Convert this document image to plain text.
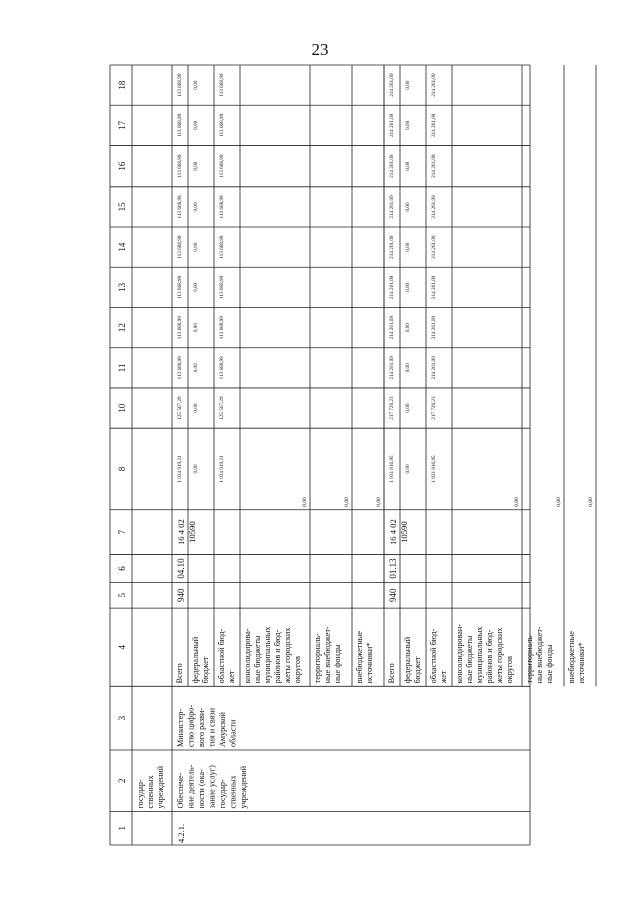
23
1
2
3
4
5
6
7
8
10
11
12
13
14
15
16
17
18
государ- ственных учреждений
Всего
1 034 919,21
125 567,29
113 668,99
113 668,99
113 668,99
113 668,99
113 668,99
113 668,99
113 668,99
113 668,99
федеральный бюджет
0,00
0,00
0,00
0,00
0,00
0,00
0,00
0,00
0,00
0,00
областной бюд- жет
1 034 919,21
125 567,29
113 668,99
113 668,99
113 668,99
113 668,99
113 668,99
113 668,99
113 668,99
113 668,99
консолидирова- ные бюджеты муниципальных районов и бюд- жеты городских округов
0,00
территориаль- ные внебюджет- ные фонды
0,00
внебюджетные источники*
0,00
940
04.10
16 4 02 10590
4.2.1.
Обеспече- ние деятель- ности (ока- зание услуг) государ- ственных учреждений
Министер- ство цифро- вого разви- тия и связи Амурской области
Всего
1 931 816,95
217 728,23
214 261,09
214 261,09
214 261,09
214 261,09
214 261,09
214 261,09
214 261,09
214 261,09
федеральный бюджет
0,00
0,00
0,00
0,00
0,00
0,00
0,00
0,00
0,00
0,00
областной бюд- жет
1 931 816,95
217 728,23
214 261,09
214 261,09
214 261,09
214 261,09
214 261,09
214 261,09
214 261,09
214 261,09
консолидирован- ные бюджеты муниципальных районов и бюд- жеты городских округов
0,00
территориаль- ные внебюджет- ные фонды
0,00
внебюджетные источники*
0,00
940
01.13
16 4 02 10590
